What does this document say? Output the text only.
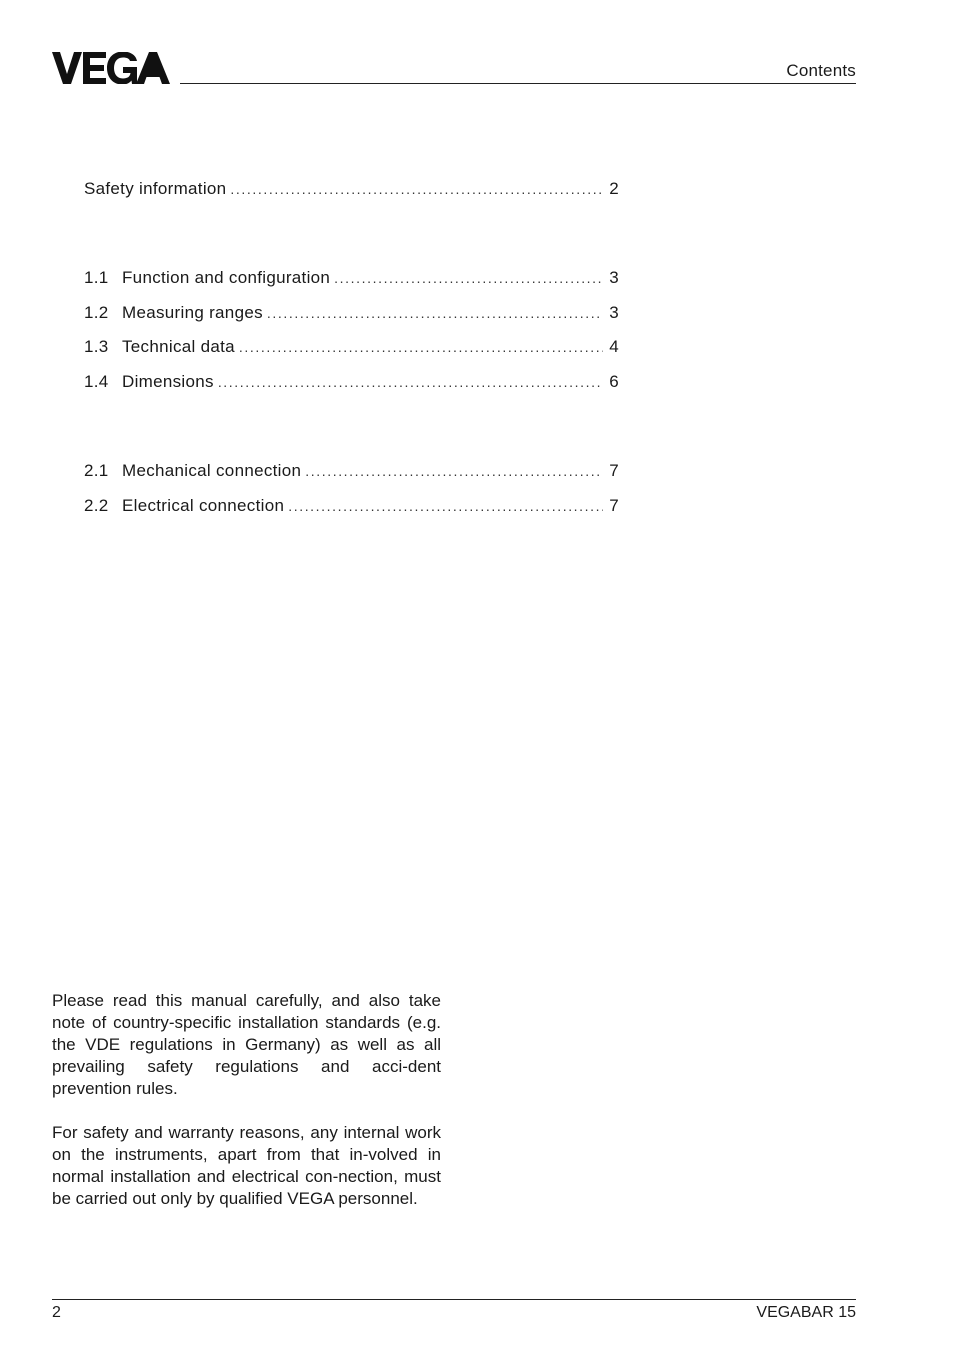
Contents
Safety information .....	2
1.1 Function and configuration .....	3
1.2 Measuring ranges .....	3
1.3 Technical data .....	4
1.4 Dimensions .....	6
2.1 Mechanical connection .....	7
2.2 Electrical connection .....	7

Please read this manual carefully, and also take note of country-specific installation standards (e.g. the VDE regulations in Germany) as well as all prevailing safety regulations and acci-dent prevention rules.

For safety and warranty reasons, any internal work on the instruments, apart from that in-volved in normal installation and electrical con-nection, must be carried out only by qualified VEGA personnel.

2	VEGABAR 15
